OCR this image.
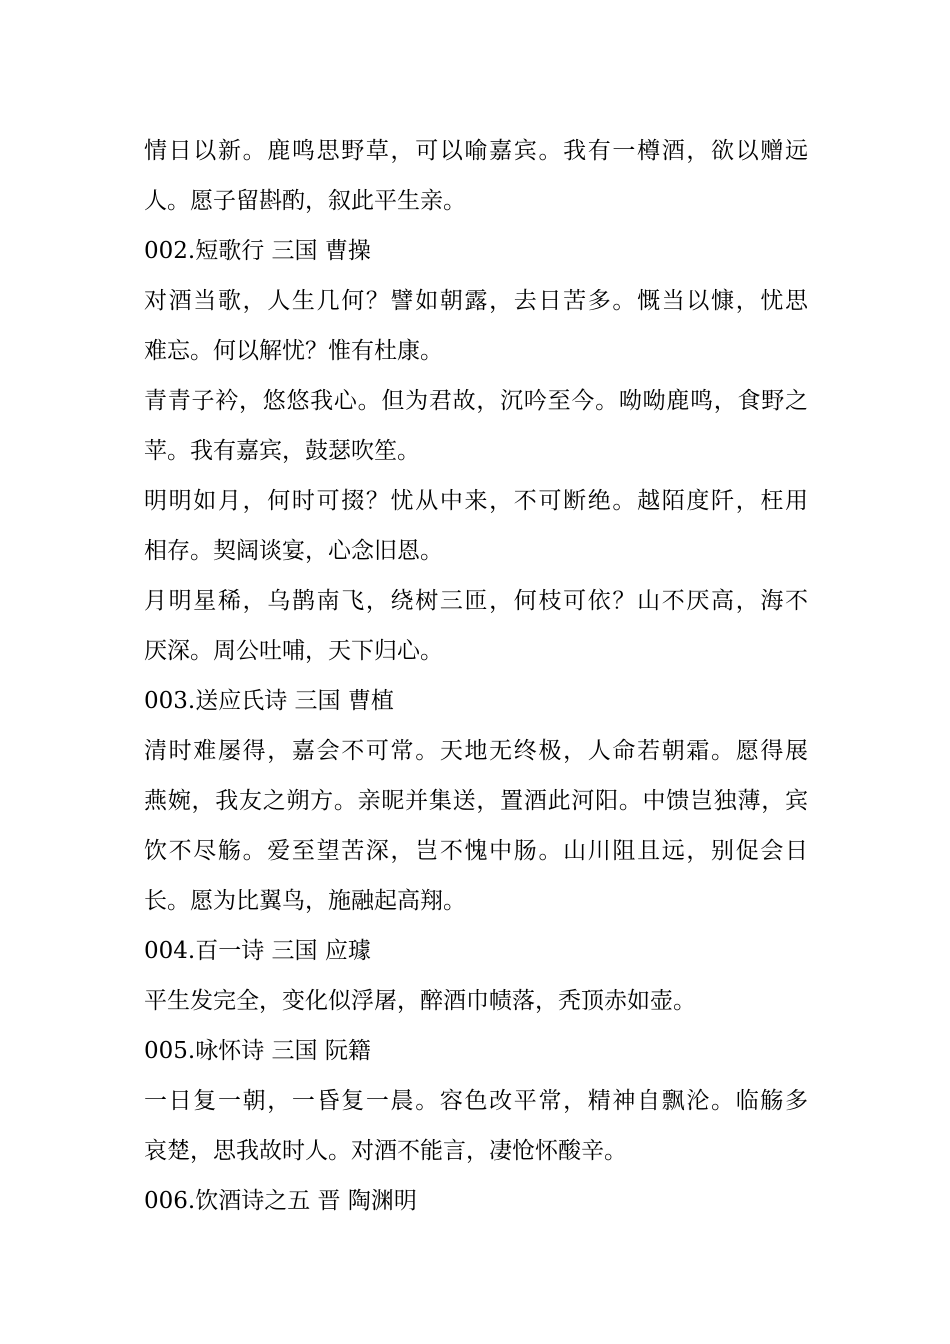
情日以新。鹿鸣思野草，可以喻嘉宾。我有一樽酒，欲以赠远
人。愿子留斟酌，叙此平生亲。
002.短歌行 三国 曹操
对酒当歌，人生几何？譬如朝露，去日苦多。慨当以慷，忧思
难忘。何以解忧？惟有杜康。
青青子衿，悠悠我心。但为君故，沉吟至今。呦呦鹿鸣，食野之
苹。我有嘉宾，鼓瑟吹笙。
明明如月，何时可掇？忧从中来，不可断绝。越陌度阡，枉用
相存。契阔谈宴，心念旧恩。
月明星稀，乌鹊南飞，绕树三匝，何枝可依？山不厌高，海不
厌深。周公吐哺，天下归心。
003.送应氏诗 三国 曹植
清时难屡得，嘉会不可常。天地无终极，人命若朝霜。愿得展
燕婉，我友之朔方。亲昵并集送，置酒此河阳。中馈岂独薄，宾
饮不尽觞。爱至望苦深，岂不愧中肠。山川阻且远，别促会日
长。愿为比翼鸟，施融起高翔。
004.百一诗 三国 应璩
平生发完全，变化似浮屠，醉酒巾帻落，秃顶赤如壶。
005.咏怀诗 三国 阮籍
一日复一朝，一昏复一晨。容色改平常，精神自飘沦。临觞多
哀楚，思我故时人。对酒不能言，凄怆怀酸辛。
006.饮酒诗之五 晋 陶渊明
